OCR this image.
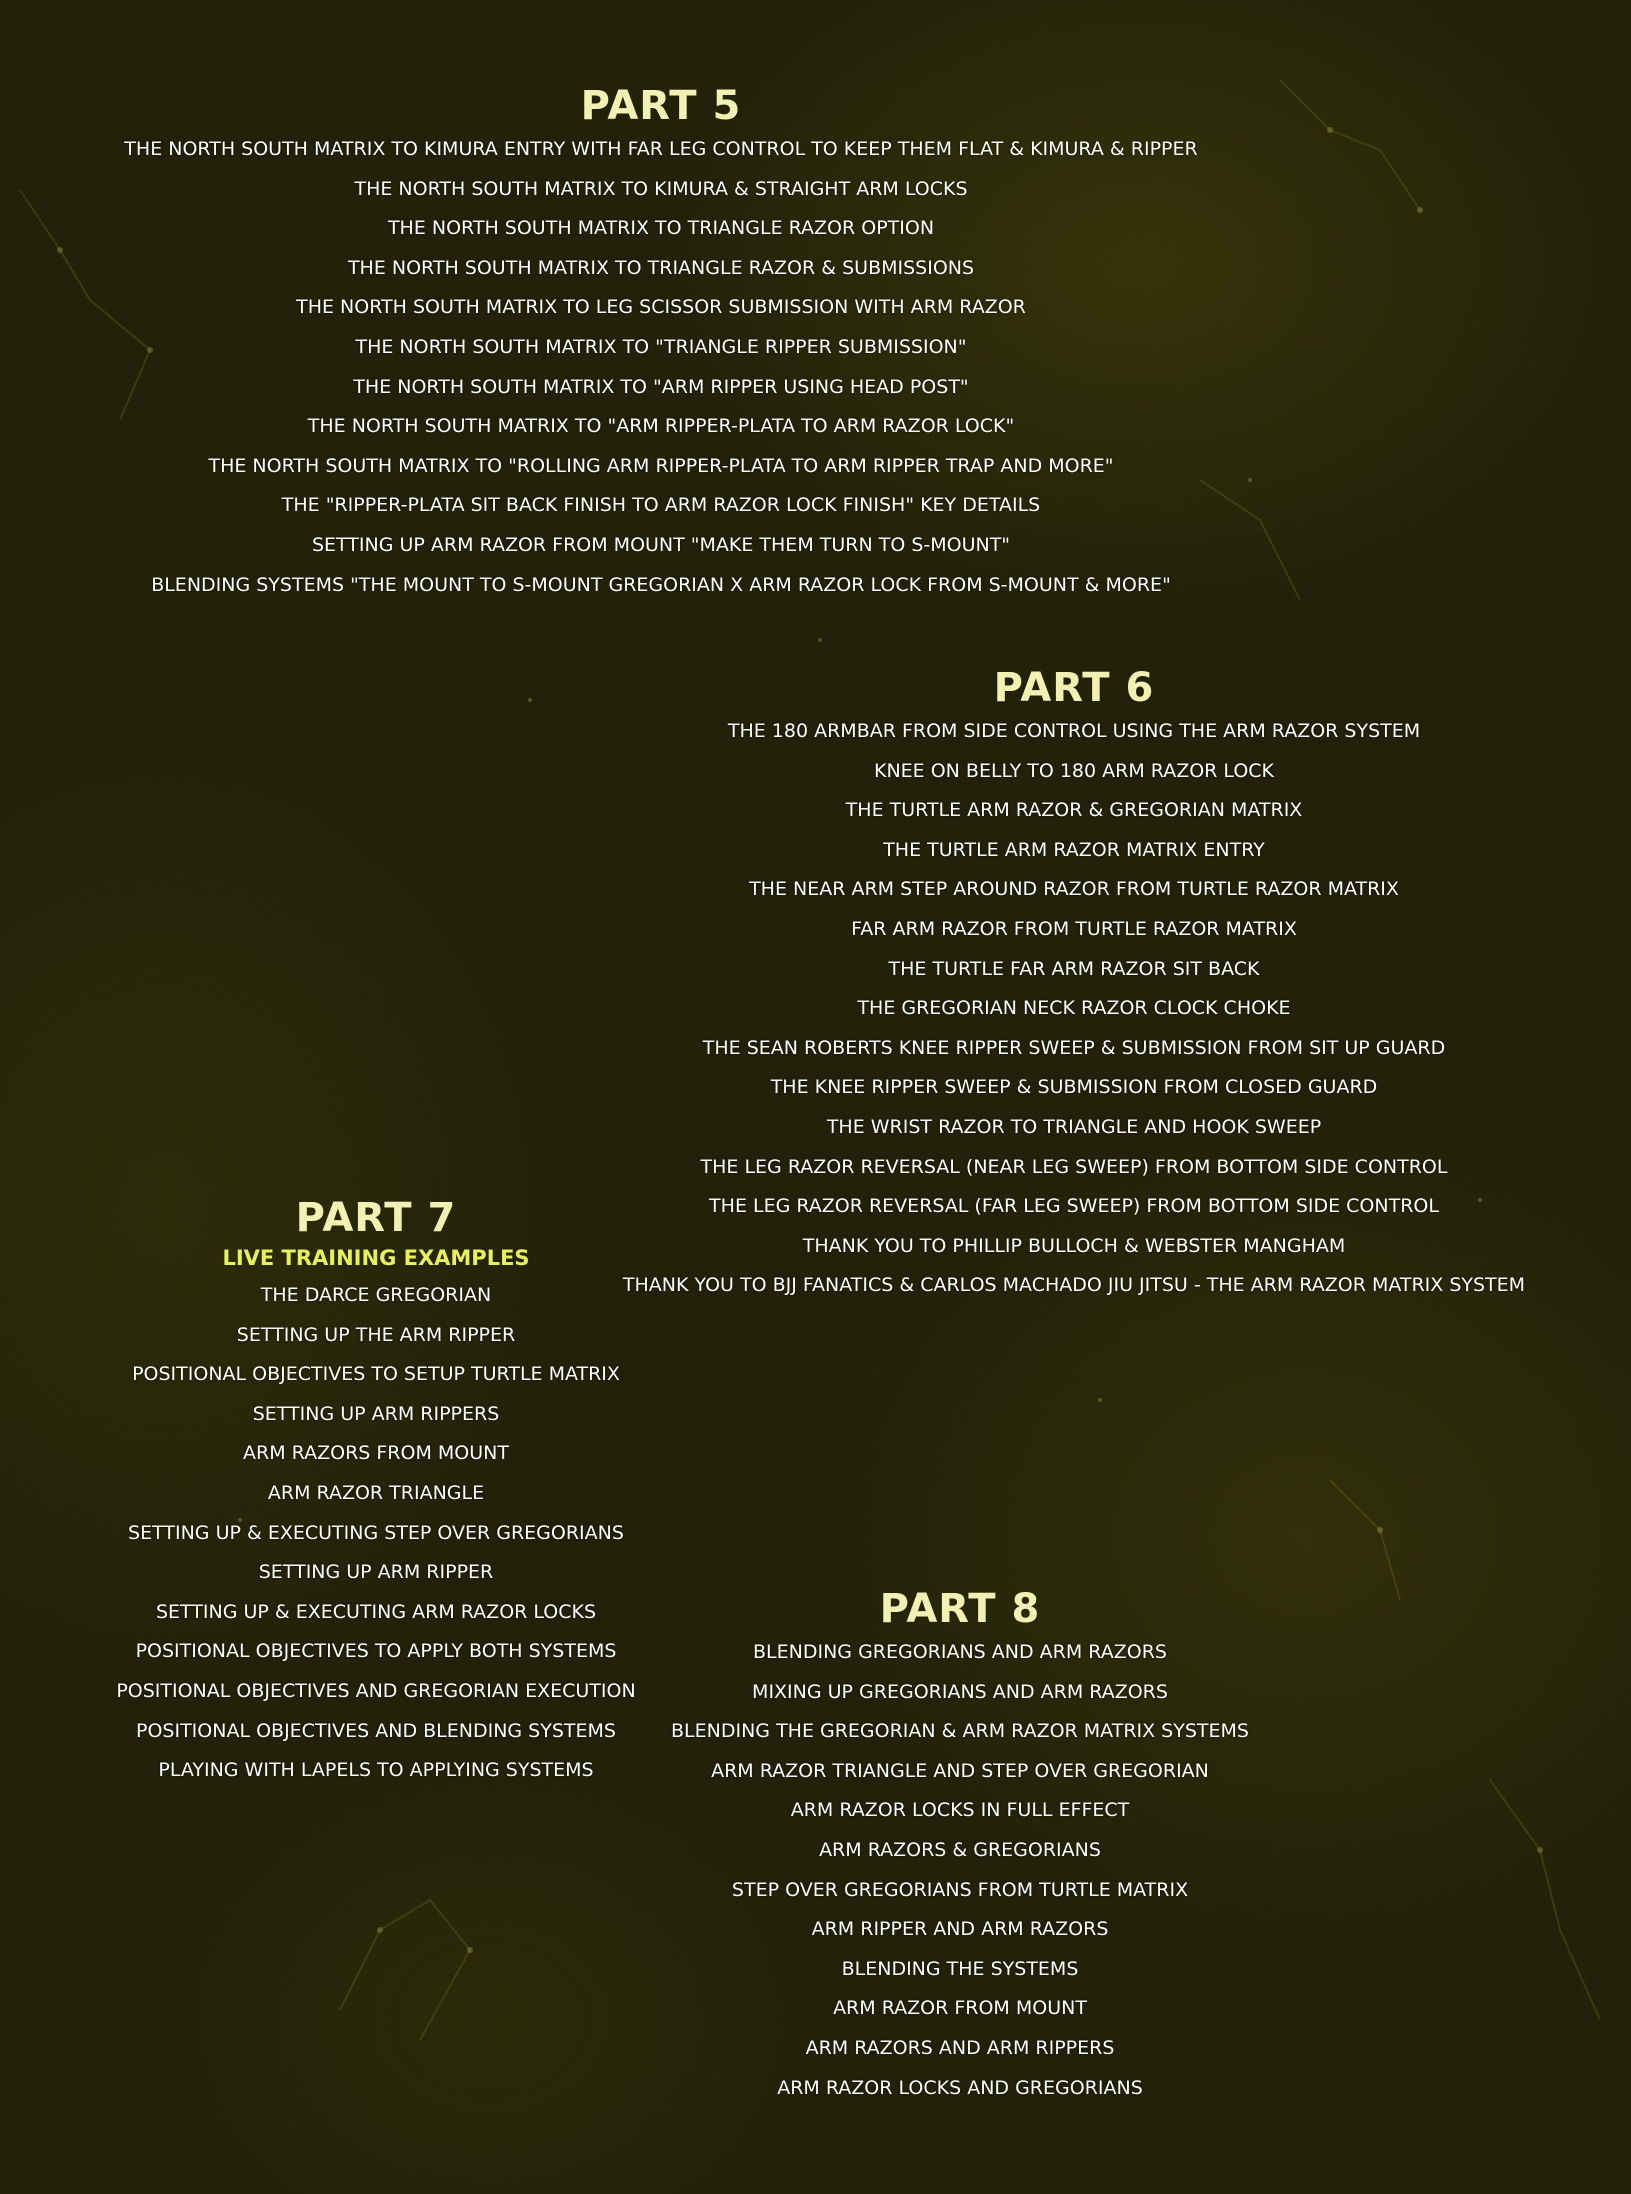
PART 5
THE NORTH SOUTH MATRIX TO KIMURA ENTRY WITH FAR LEG CONTROL TO KEEP THEM FLAT & KIMURA & RIPPER
THE NORTH SOUTH MATRIX TO KIMURA & STRAIGHT ARM LOCKS
THE NORTH SOUTH MATRIX TO TRIANGLE RAZOR OPTION
THE NORTH SOUTH MATRIX TO TRIANGLE RAZOR & SUBMISSIONS
THE NORTH SOUTH MATRIX TO LEG SCISSOR SUBMISSION WITH ARM RAZOR
THE NORTH SOUTH MATRIX TO "TRIANGLE RIPPER SUBMISSION"
THE NORTH SOUTH MATRIX TO "ARM RIPPER USING HEAD POST"
THE NORTH SOUTH MATRIX TO "ARM RIPPER-PLATA TO ARM RAZOR LOCK"
THE NORTH SOUTH MATRIX TO "ROLLING ARM RIPPER-PLATA TO ARM RIPPER TRAP AND MORE"
THE "RIPPER-PLATA SIT BACK FINISH TO ARM RAZOR LOCK FINISH" KEY DETAILS
SETTING UP ARM RAZOR FROM MOUNT "MAKE THEM TURN TO S-MOUNT"
BLENDING SYSTEMS "THE MOUNT TO S-MOUNT GREGORIAN X ARM RAZOR LOCK FROM S-MOUNT & MORE"
PART 6
THE 180 ARMBAR FROM SIDE CONTROL USING THE ARM RAZOR SYSTEM
KNEE ON BELLY TO 180 ARM RAZOR LOCK
THE TURTLE ARM RAZOR & GREGORIAN MATRIX
THE TURTLE ARM RAZOR MATRIX ENTRY
THE NEAR ARM STEP AROUND RAZOR FROM TURTLE RAZOR MATRIX
FAR ARM RAZOR FROM TURTLE RAZOR MATRIX
THE TURTLE FAR ARM RAZOR SIT BACK
THE GREGORIAN NECK RAZOR CLOCK CHOKE
THE SEAN ROBERTS KNEE RIPPER SWEEP & SUBMISSION FROM SIT UP GUARD
THE KNEE RIPPER SWEEP & SUBMISSION FROM CLOSED GUARD
THE WRIST RAZOR TO TRIANGLE AND HOOK SWEEP
THE LEG RAZOR REVERSAL (NEAR LEG SWEEP) FROM BOTTOM SIDE CONTROL
THE LEG RAZOR REVERSAL (FAR LEG SWEEP) FROM BOTTOM SIDE CONTROL
THANK YOU TO PHILLIP BULLOCH & WEBSTER MANGHAM
THANK YOU TO BJJ FANATICS & CARLOS MACHADO JIU JITSU - THE ARM RAZOR MATRIX SYSTEM
PART 7
LIVE TRAINING EXAMPLES
THE DARCE GREGORIAN
SETTING UP THE ARM RIPPER
POSITIONAL OBJECTIVES TO SETUP TURTLE MATRIX
SETTING UP ARM RIPPERS
ARM RAZORS FROM MOUNT
ARM RAZOR TRIANGLE
SETTING UP & EXECUTING STEP OVER GREGORIANS
SETTING UP ARM RIPPER
SETTING UP & EXECUTING ARM RAZOR LOCKS
POSITIONAL OBJECTIVES TO APPLY BOTH SYSTEMS
POSITIONAL OBJECTIVES AND GREGORIAN EXECUTION
POSITIONAL OBJECTIVES AND BLENDING SYSTEMS
PLAYING WITH LAPELS TO APPLYING SYSTEMS
PART 8
BLENDING GREGORIANS AND ARM RAZORS
MIXING UP GREGORIANS AND ARM RAZORS
BLENDING THE GREGORIAN & ARM RAZOR MATRIX SYSTEMS
ARM RAZOR TRIANGLE AND STEP OVER GREGORIAN
ARM RAZOR LOCKS IN FULL EFFECT
ARM RAZORS & GREGORIANS
STEP OVER GREGORIANS FROM TURTLE MATRIX
ARM RIPPER AND ARM RAZORS
BLENDING THE SYSTEMS
ARM RAZOR FROM MOUNT
ARM RAZORS AND ARM RIPPERS
ARM RAZOR LOCKS AND GREGORIANS
